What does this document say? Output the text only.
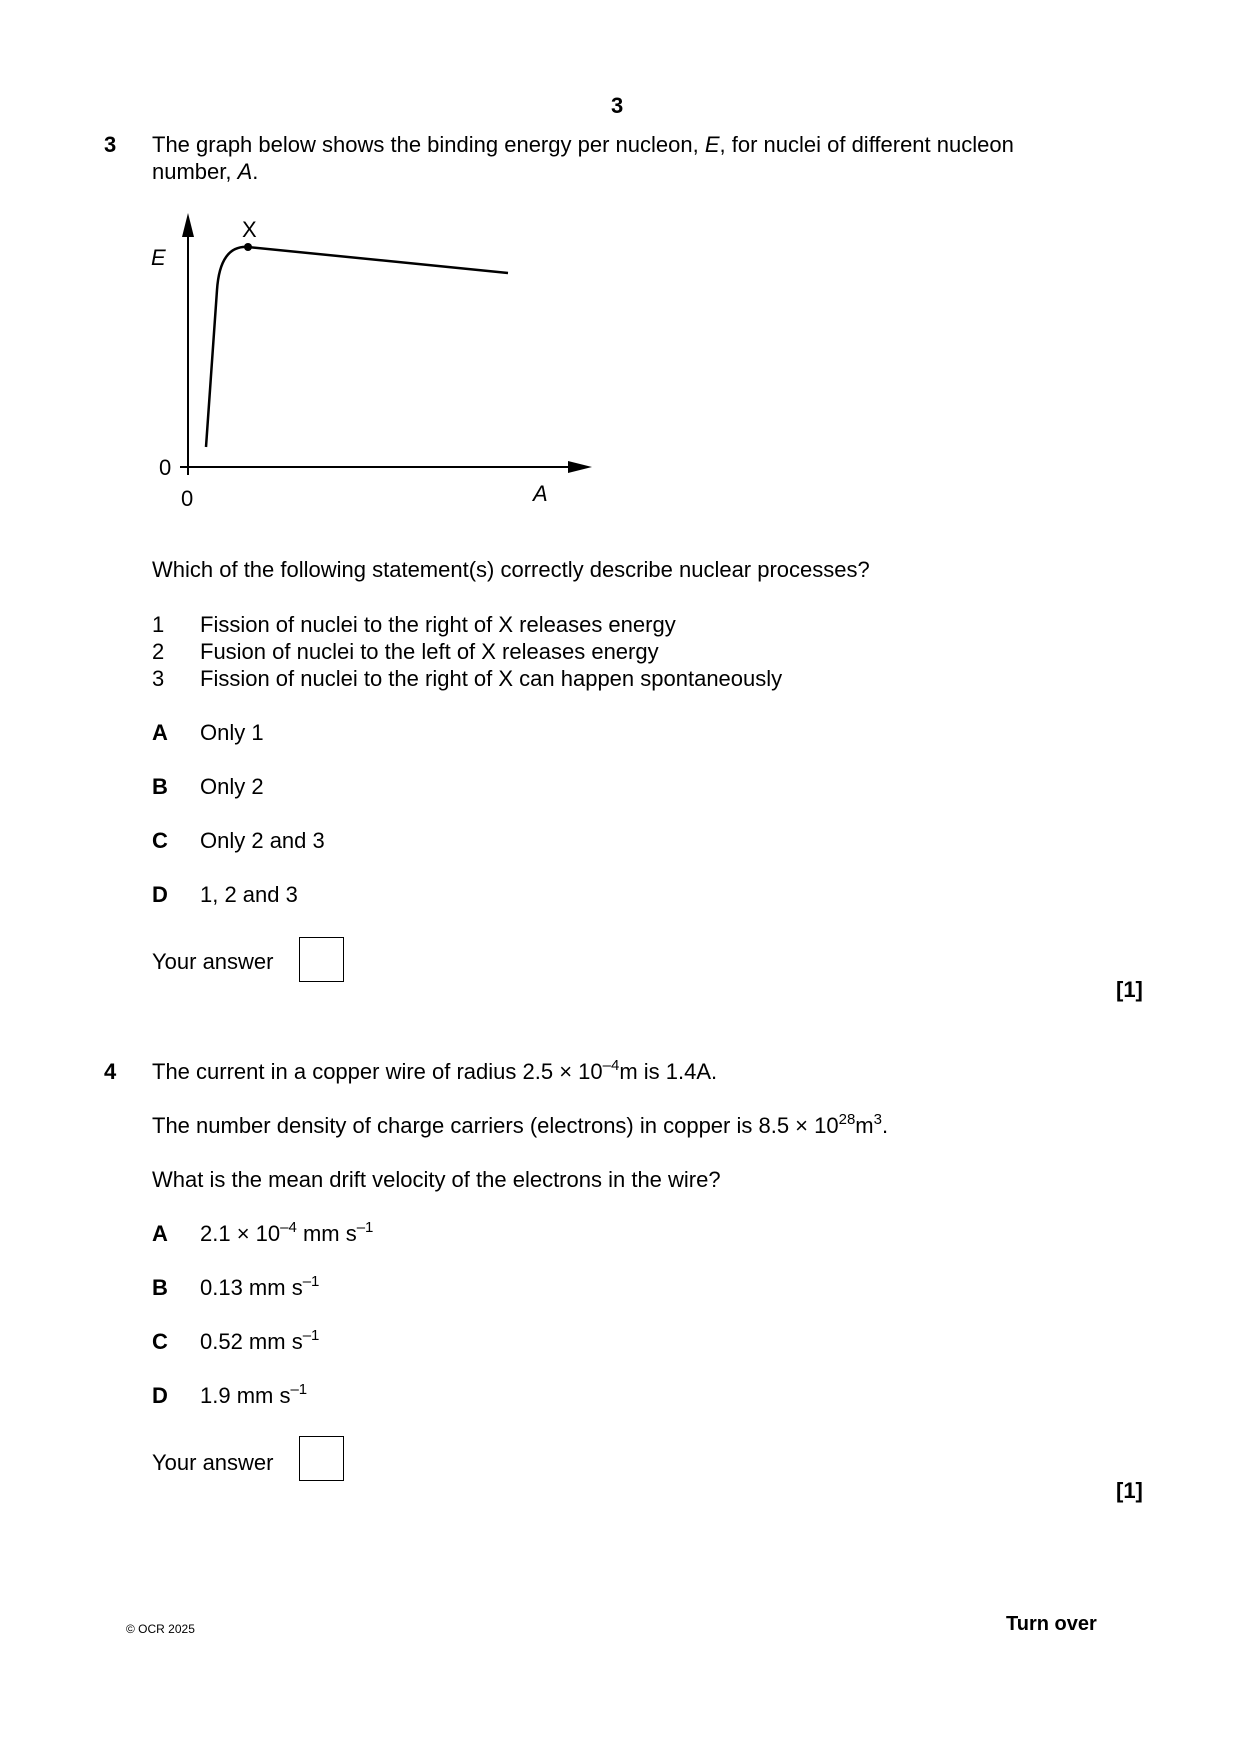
3
3 The graph below shows the binding energy per nucleon, E, for nuclei of different nucleon
number, A.
X
E
0
0	A
Which of the following statement(s) correctly describe nuclear processes?
1 Fission of nuclei to the right of X releases energy
2 Fusion of nuclei to the left of X releases energy
3 Fission of nuclei to the right of X can happen spontaneously
A Only 1
B Only 2
C Only 2 and 3
D 1, 2 and 3
Your answer
[1]
4 The current in a copper wire of radius $2.5 \times 10^{-4}m$ is 1.4A.
The number density of charge carriers (electrons) in copper is $8.5 \times 10^{28}m^3$.
What is the mean drift velocity of the electrons in the wire?
A $2.1 \times 10^{-4}$ mm $s^{-1}$
B 0.13 mm $s^{-1}$
C 0.52 mm $s^{-1}$
D 1.9 mm $s^{-1}$
Your answer
[1]
© OCR 2025	Turn over
